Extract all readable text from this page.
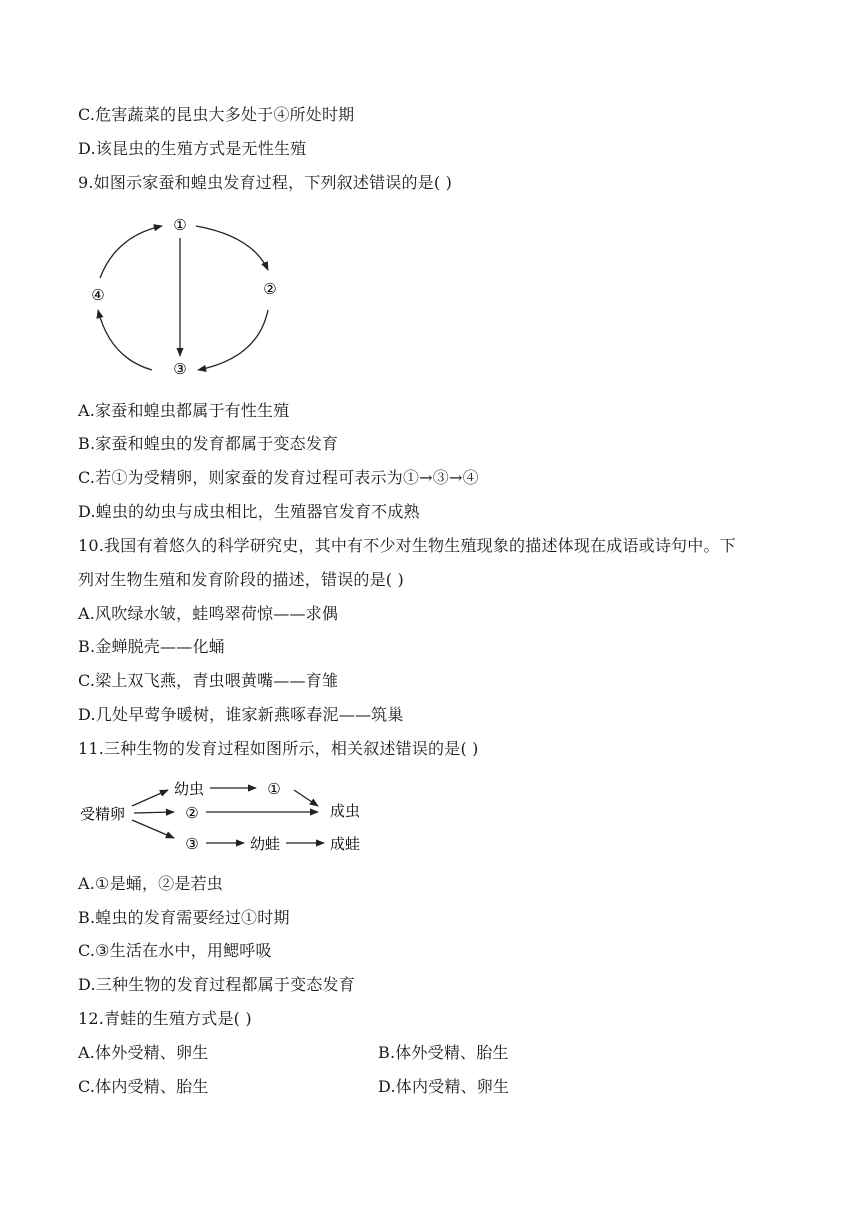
C.危害蔬菜的昆虫大多处于④所处时期
D.该昆虫的生殖方式是无性生殖
9.如图示家蚕和蝗虫发育过程，下列叙述错误的是( )
①
②
③
④
A.家蚕和蝗虫都属于有性生殖
B.家蚕和蝗虫的发育都属于变态发育
C.若①为受精卵，则家蚕的发育过程可表示为①→③→④
D.蝗虫的幼虫与成虫相比，生殖器官发育不成熟
10.我国有着悠久的科学研究史，其中有不少对生物生殖现象的描述体现在成语或诗句中。下
列对生物生殖和发育阶段的描述，错误的是( )
A.风吹绿水皱，蛙鸣翠荷惊——求偶
B.金蝉脱壳——化蛹
C.梁上双飞燕，青虫喂黄嘴——育雏
D.几处早莺争暖树，谁家新燕啄春泥——筑巢
11.三种生物的发育过程如图所示，相关叙述错误的是( )
受精卵
幼虫	①
②	成虫
③	幼蛙	成蛙
A.①是蛹，②是若虫
B.蝗虫的发育需要经过①时期
C.③生活在水中，用鳃呼吸
D.三种生物的发育过程都属于变态发育
12.青蛙的生殖方式是( )
A.体外受精、卵生	B.体外受精、胎生
C.体内受精、胎生	D.体内受精、卵生
